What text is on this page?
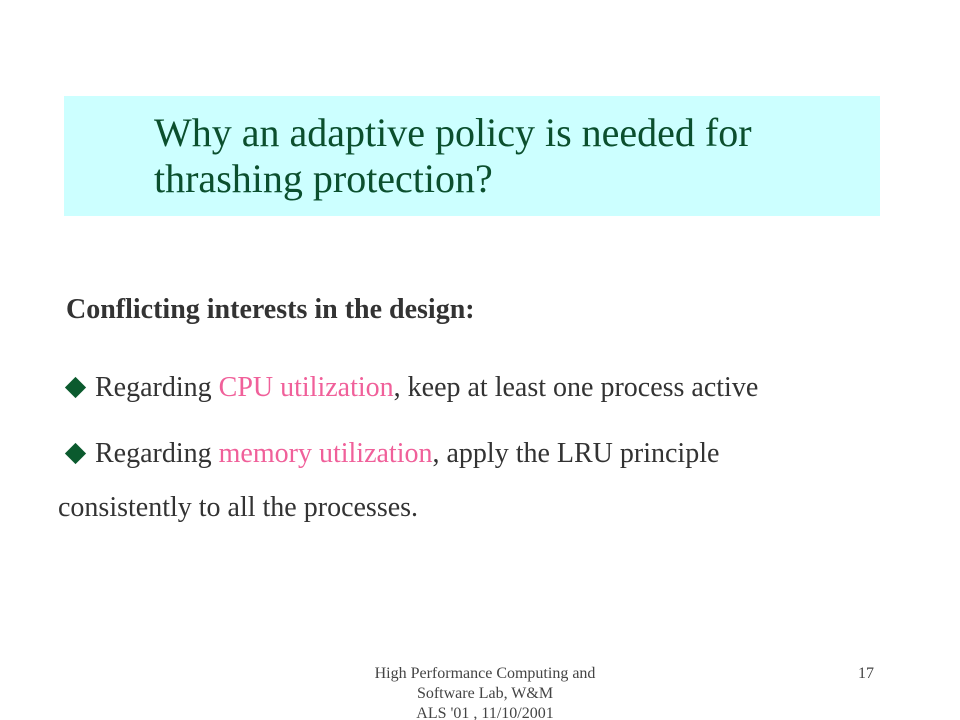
Why an adaptive policy is needed for
thrashing protection?
Conflicting interests in the design:
Regarding CPU utilization, keep at least one process active
Regarding memory utilization, apply the LRU principle
consistently to all the processes.
High Performance Computing and
Software Lab, W&M
ALS '01 , 11/10/2001
17
